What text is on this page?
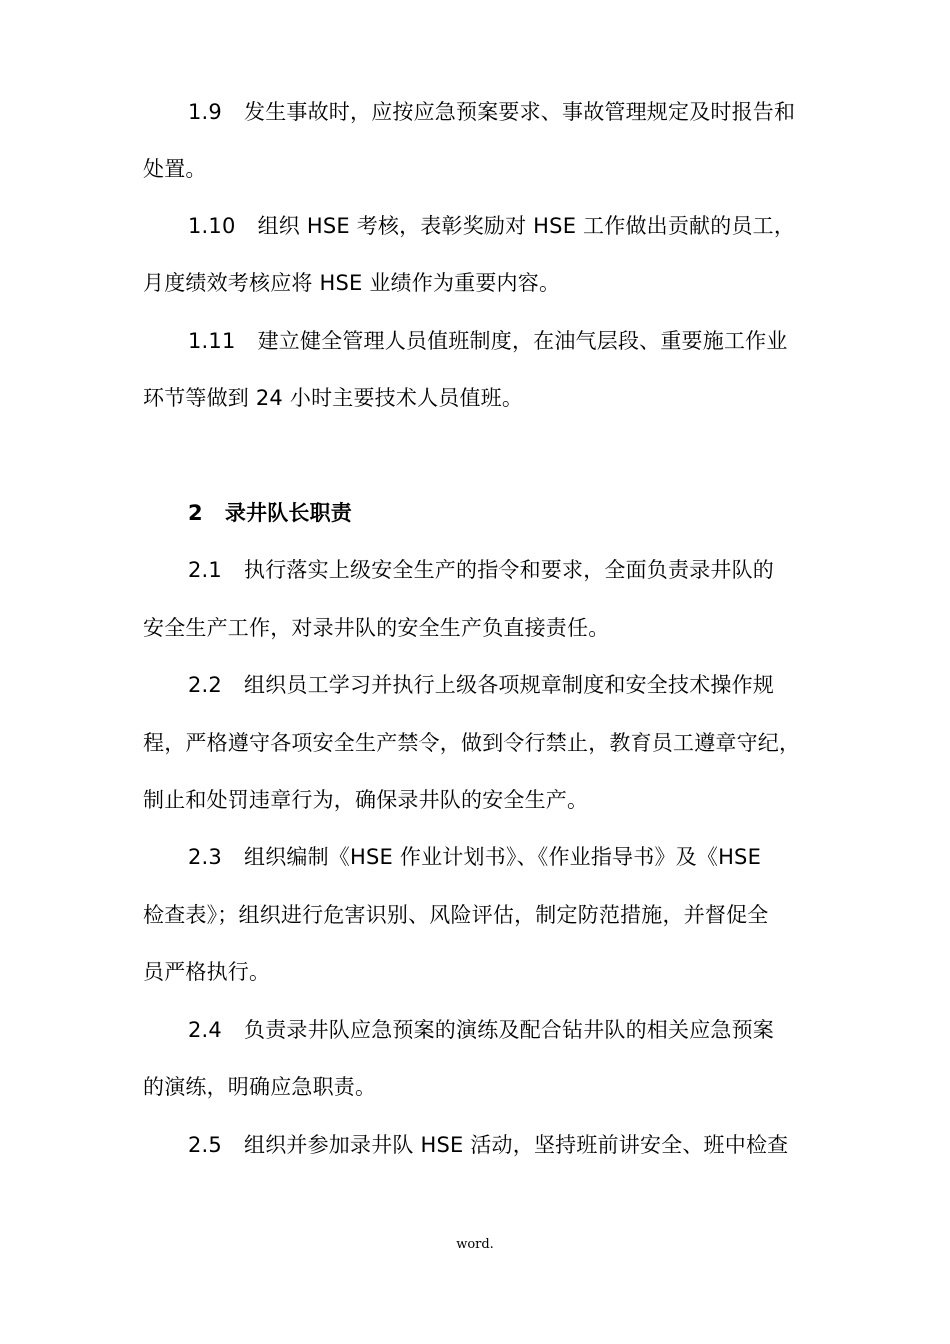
1.9 发生事故时，应按应急预案要求、事故管理规定及时报告和
处置。
1.10 组织 HSE 考核，表彰奖励对 HSE 工作做出贡献的员工，
月度绩效考核应将 HSE 业绩作为重要内容。
1.11 建立健全管理人员值班制度，在油气层段、重要施工作业
环节等做到 24 小时主要技术人员值班。
2 录井队长职责
2.1 执行落实上级安全生产的指令和要求，全面负责录井队的
安全生产工作，对录井队的安全生产负直接责任。
2.2 组织员工学习并执行上级各项规章制度和安全技术操作规
程，严格遵守各项安全生产禁令，做到令行禁止，教育员工遵章守纪，
制止和处罚违章行为，确保录井队的安全生产。
2.3 组织编制《HSE 作业计划书》、《作业指导书》及《HSE
检查表》；组织进行危害识别、风险评估，制定防范措施，并督促全
员严格执行。
2.4 负责录井队应急预案的演练及配合钻井队的相关应急预案
的演练，明确应急职责。
2.5 组织并参加录井队 HSE 活动，坚持班前讲安全、班中检查
word.
